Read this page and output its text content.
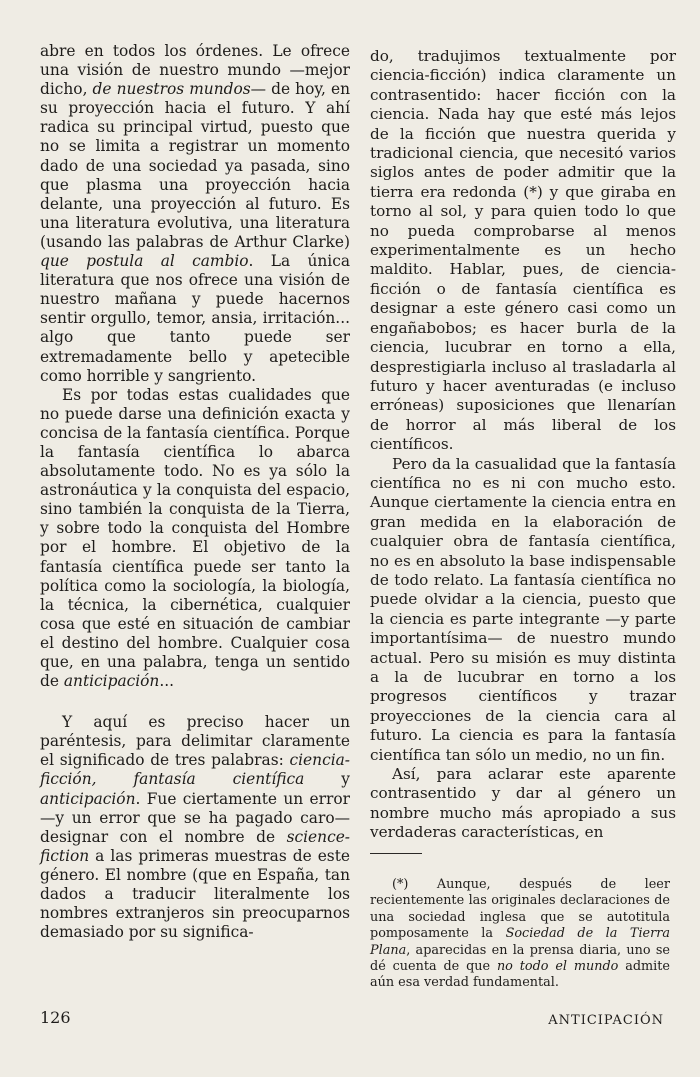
abre en todos los órdenes. Le ofrece una visión de nuestro mundo —mejor dicho, de nuestros mundos— de hoy, en su proyección hacia el futuro. Y ahí radica su principal virtud, puesto que no se limita a registrar un momento dado de una sociedad ya pasada, sino que plasma una proyección hacia delante, una proyección al futuro. Es una literatura evolutiva, una literatura (usando las palabras de Arthur Clarke) que postula al cambio. La única literatura que nos ofrece una visión de nuestro mañana y puede hacernos sentir orgullo, temor, ansia, irritación... algo que tanto puede ser extremadamente bello y apetecible como horrible y sangriento.

Es por todas estas cualidades que no puede darse una definición exacta y concisa de la fantasía científica. Porque la fantasía científica lo abarca absolutamente todo. No es ya sólo la astronáutica y la conquista del espacio, sino también la conquista de la Tierra, y sobre todo la conquista del Hombre por el hombre. El objetivo de la fantasía científica puede ser tanto la política como la sociología, la biología, la técnica, la cibernética, cualquier cosa que esté en situación de cambiar el destino del hombre. Cualquier cosa que, en una palabra, tenga un sentido de anticipación...

Y aquí es preciso hacer un paréntesis, para delimitar claramente el significado de tres palabras: ciencia-ficción, fantasía científica y anticipación. Fue ciertamente un error —y un error que se ha pagado caro— designar con el nombre de science-fiction a las primeras muestras de este género. El nombre (que en España, tan dados a traducir literalmente los nombres extranjeros sin preocuparnos demasiado por su significa-

do, tradujimos textualmente por ciencia-ficción) indica claramente un contrasentido: hacer ficción con la ciencia. Nada hay que esté más lejos de la ficción que nuestra querida y tradicional ciencia, que necesitó varios siglos antes de poder admitir que la tierra era redonda (*) y que giraba en torno al sol, y para quien todo lo que no pueda comprobarse al menos experimentalmente es un hecho maldito. Hablar, pues, de ciencia-ficción o de fantasía científica es designar a este género casi como un engañabobos; es hacer burla de la ciencia, lucubrar en torno a ella, desprestigiarla incluso al trasladarla al futuro y hacer aventuradas (e incluso erróneas) suposiciones que llenarían de horror al más liberal de los científicos.

Pero da la casualidad que la fantasía científica no es ni con mucho esto. Aunque ciertamente la ciencia entra en gran medida en la elaboración de cualquier obra de fantasía científica, no es en absoluto la base indispensable de todo relato. La fantasía científica no puede olvidar a la ciencia, puesto que la ciencia es parte integrante —y parte importantísima— de nuestro mundo actual. Pero su misión es muy distinta a la de lucubrar en torno a los progresos científicos y trazar proyecciones de la ciencia cara al futuro. La ciencia es para la fantasía científica tan sólo un medio, no un fin.

Así, para aclarar este aparente contrasentido y dar al género un nombre mucho más apropiado a sus verdaderas características, en

(*) Aunque, después de leer recientemente las originales declaraciones de una sociedad inglesa que se autotitula pomposamente la Sociedad de la Tierra Plana, aparecidas en la prensa diaria, uno se dé cuenta de que no todo el mundo admite aún esa verdad fundamental.

126	ANTICIPACIÓN
